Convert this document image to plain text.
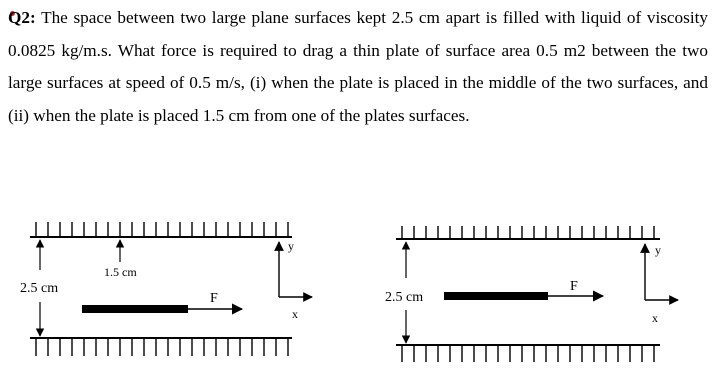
Q2: The space between two large plane surfaces kept 2.5 cm apart is filled with liquid of viscosity 0.0825 kg/m.s. What force is required to drag a thin plate of surface area 0.5 m2 between the two large surfaces at speed of 0.5 m/s, (i) when the plate is placed in the middle of the two surfaces, and (ii) when the plate is placed 1.5 cm from one of the plates surfaces.
2.5 cm
1.5 cm
F
y
x
2.5 cm
F
y
x
